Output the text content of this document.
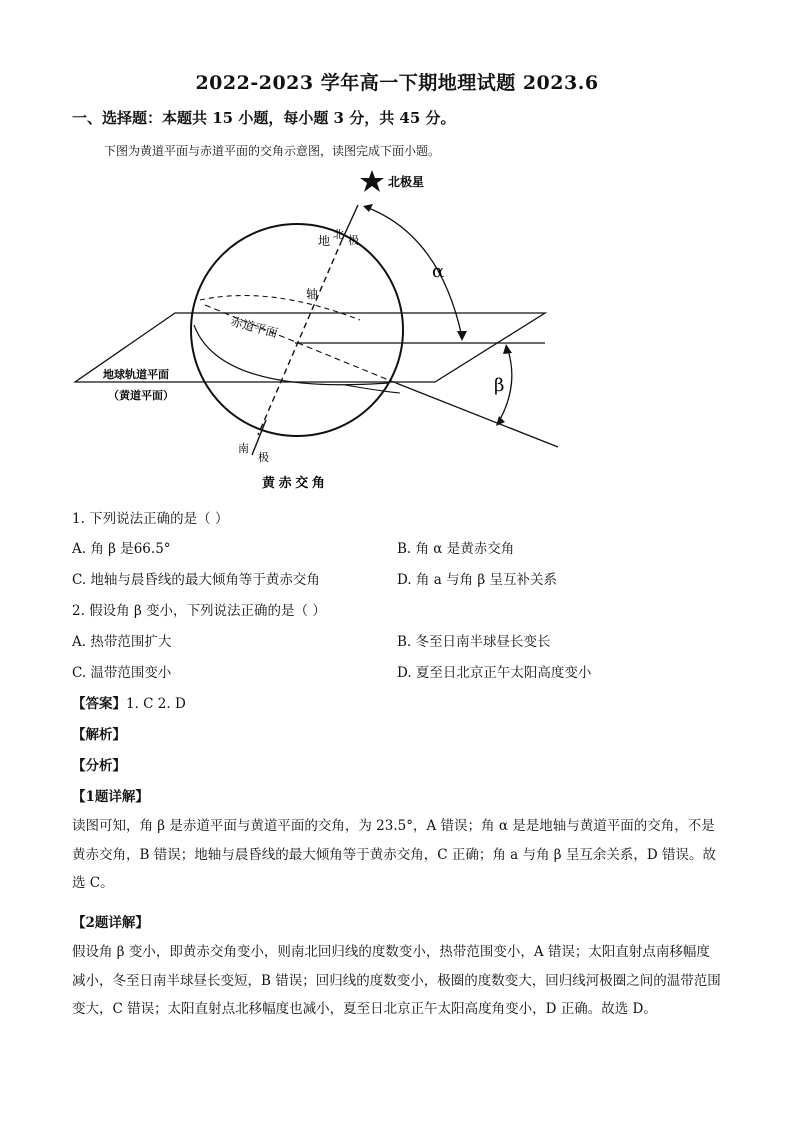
2022-2023 学年高一下期地理试题 2023.6
一、选择题：本题共 15 小题，每小题 3 分，共 45 分。
下图为黄道平面与赤道平面的交角示意图，读图完成下面小题。
北极星
北 极
地
轴
赤道平面
地球轨道平面
（黄道平面）
α
β
南
极
黄 赤 交 角
1. 下列说法正确的是（ ）
A. 角 β 是66.5°	B. 角 α 是黄赤交角
C. 地轴与晨昏线的最大倾角等于黄赤交角	D. 角 a 与角 β 呈互补关系
2. 假设角 β 变小，下列说法正确的是（ ）
A. 热带范围扩大	B. 冬至日南半球昼长变长
C. 温带范围变小	D. 夏至日北京正午太阳高度变小
【答案】1. C 2. D
【解析】
【分析】
【1题详解】
读图可知，角 β 是赤道平面与黄道平面的交角，为 23.5°，A 错误；角 α 是是地轴与黄道平面的交角，不是黄赤交角，B 错误；地轴与晨昏线的最大倾角等于黄赤交角，C 正确；角 a 与角 β 呈互余关系，D 错误。故选 C。
【2题详解】
假设角 β 变小，即黄赤交角变小，则南北回归线的度数变小，热带范围变小，A 错误；太阳直射点南移幅度减小，冬至日南半球昼长变短，B 错误；回归线的度数变小，极圈的度数变大，回归线河极圈之间的温带范围变大，C 错误；太阳直射点北移幅度也减小，夏至日北京正午太阳高度角变小，D 正确。故选 D。
